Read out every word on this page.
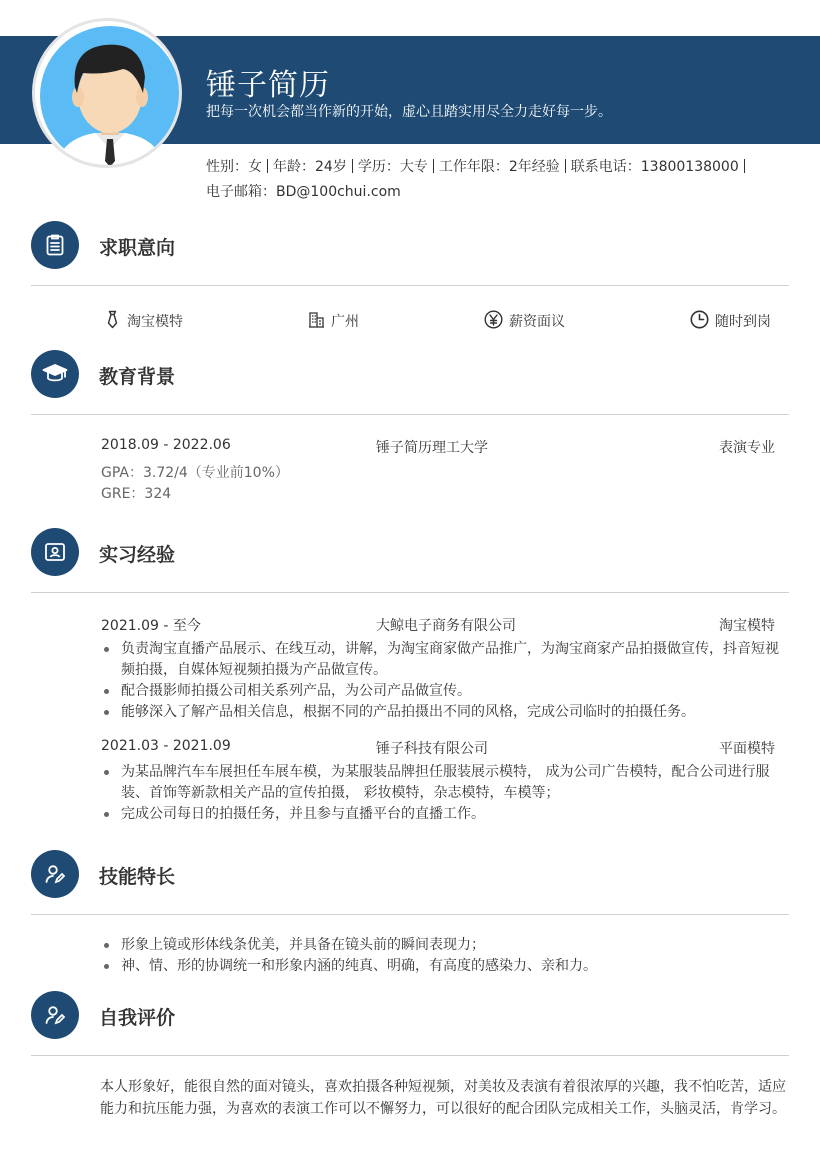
锤子简历
把每一次机会都当作新的开始，虚心且踏实用尽全力走好每一步。
性别：女 年龄：24岁 学历：大专 工作年限：2年经验 联系电话：13800138000
电子邮箱：BD@100chui.com
求职意向
淘宝模特	广州	薪资面议	随时到岗
教育背景
2018.09 - 2022.06	锤子简历理工大学	表演专业
GPA：3.72/4（专业前10%）
GRE：324
实习经验
2021.09 - 至今	大鲸电子商务有限公司	淘宝模特
负责淘宝直播产品展示、在线互动，讲解，为淘宝商家做产品推广，为淘宝商家产品拍摄做宣传，抖音短视频拍摄，自媒体短视频拍摄为产品做宣传。
配合摄影师拍摄公司相关系列产品，为公司产品做宣传。
能够深入了解产品相关信息，根据不同的产品拍摄出不同的风格，完成公司临时的拍摄任务。
2021.03 - 2021.09	锤子科技有限公司	平面模特
为某品牌汽车车展担任车展车模，为某服装品牌担任服装展示模特， 成为公司广告模特，配合公司进行服装、首饰等新款相关产品的宣传拍摄， 彩妆模特，杂志模特，车模等；
完成公司每日的拍摄任务，并且参与直播平台的直播工作。
技能特长
形象上镜或形体线条优美，并具备在镜头前的瞬间表现力；
神、情、形的协调统一和形象内涵的纯真、明确，有高度的感染力、亲和力。
自我评价
本人形象好，能很自然的面对镜头，喜欢拍摄各种短视频，对美妆及表演有着很浓厚的兴趣，我不怕吃苦，适应能力和抗压能力强，为喜欢的表演工作可以不懈努力，可以很好的配合团队完成相关工作，头脑灵活，肯学习。
